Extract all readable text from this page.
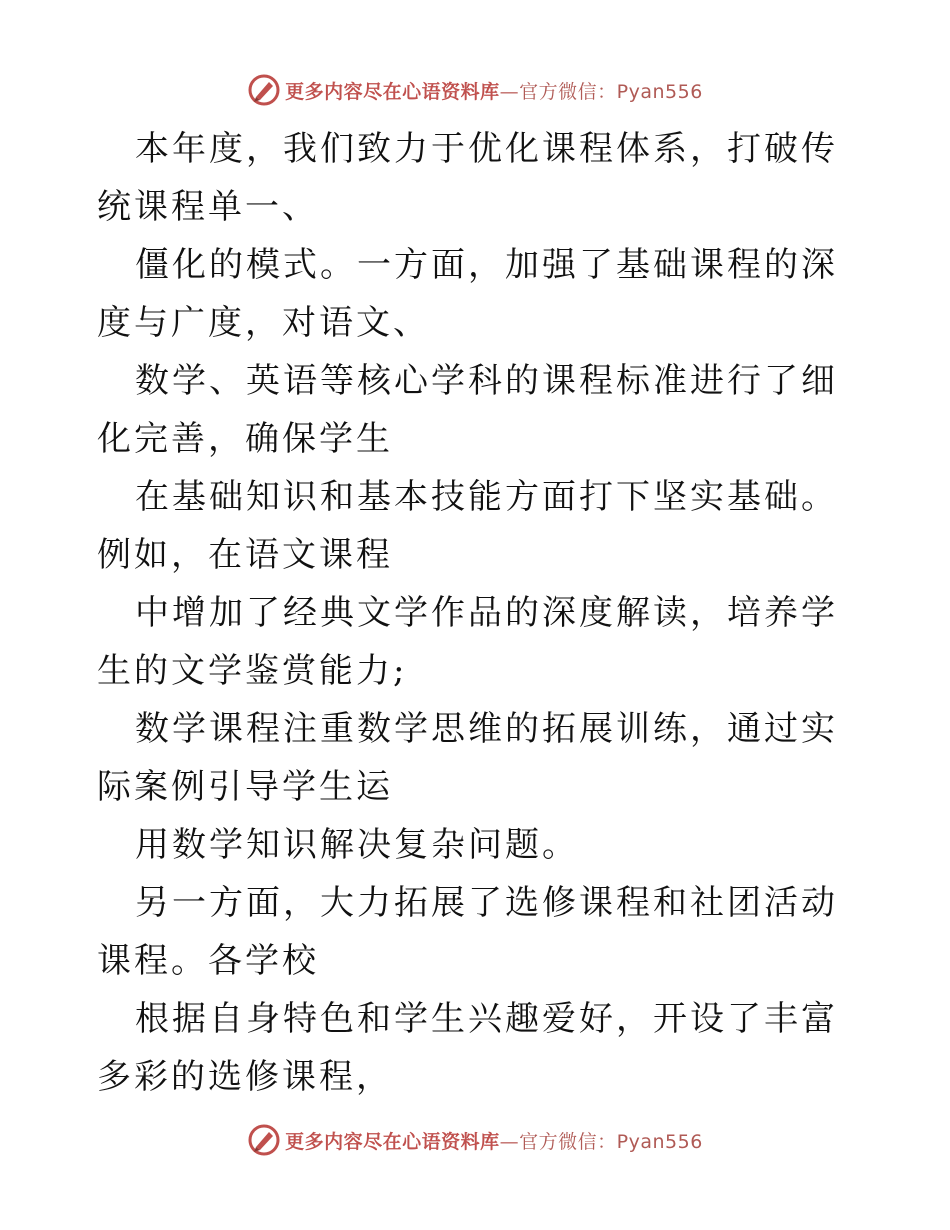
更多内容尽在心语资料库—官方微信：Pyan556

本年度，我们致力于优化课程体系，打破传统课程单一、

僵化的模式。一方面，加强了基础课程的深度与广度，对语文、

数学、英语等核心学科的课程标准进行了细化完善，确保学生

在基础知识和基本技能方面打下坚实基础。例如，在语文课程

中增加了经典文学作品的深度解读，培养学生的文学鉴赏能力;

数学课程注重数学思维的拓展训练，通过实际案例引导学生运

用数学知识解决复杂问题。

另一方面，大力拓展了选修课程和社团活动课程。各学校

根据自身特色和学生兴趣爱好，开设了丰富多彩的选修课程，

更多内容尽在心语资料库—官方微信：Pyan556
